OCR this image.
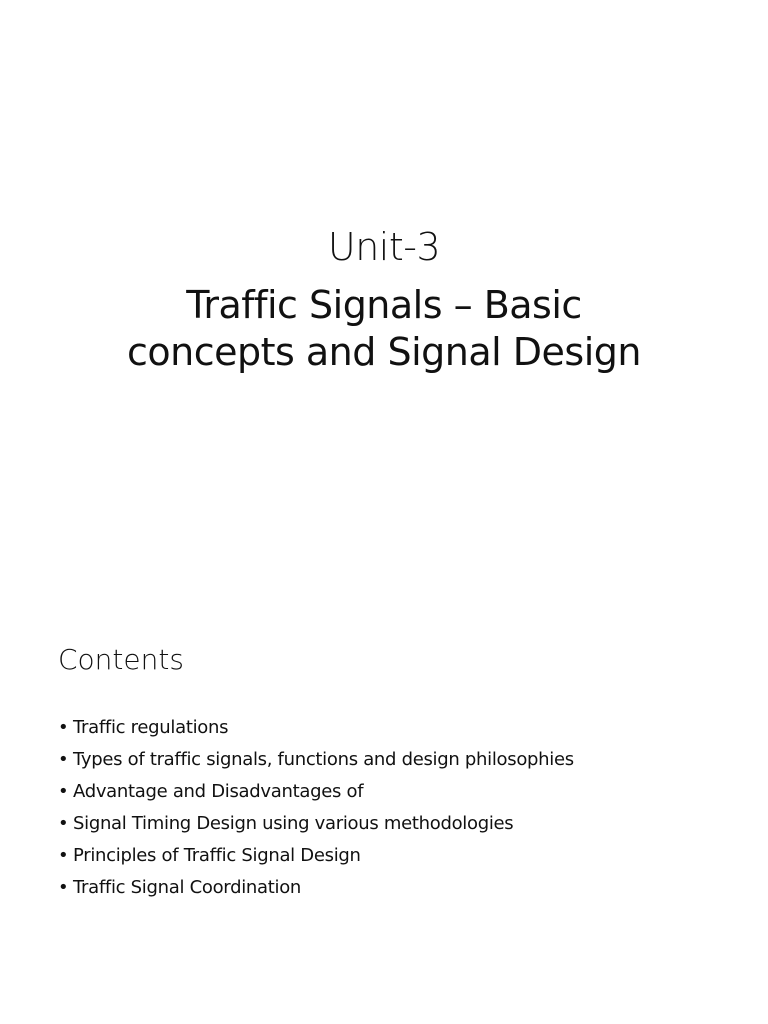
Unit-3
Traffic Signals – Basic
concepts and Signal Design
Contents
• Traffic regulations
• Types of traffic signals, functions and design philosophies
• Advantage and Disadvantages of
• Signal Timing Design using various methodologies
• Principles of Traffic Signal Design
• Traffic Signal Coordination
